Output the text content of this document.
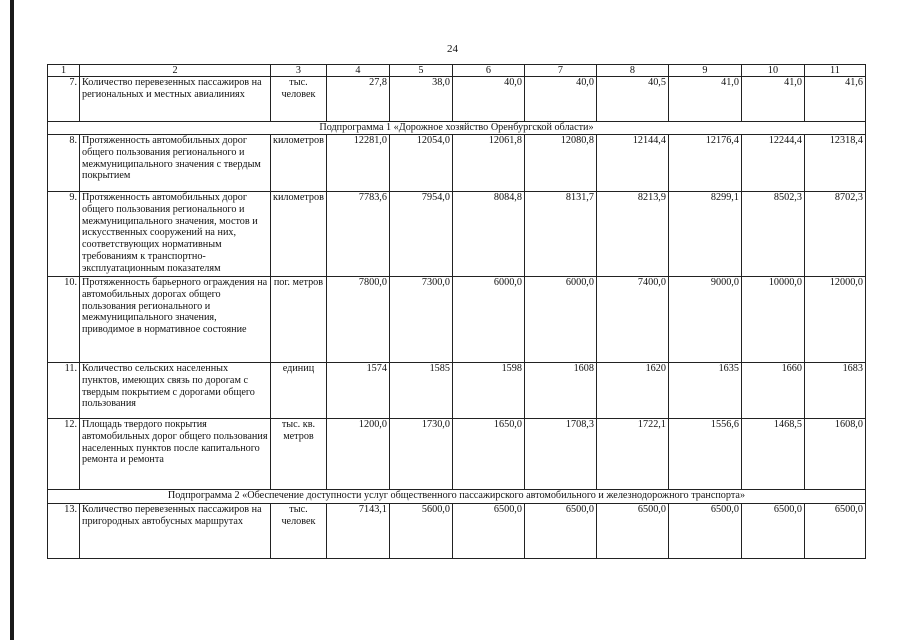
24
1	2	3	4	5	6	7	8	9	10	11
7.	Количество перевезенных пассажиров на региональных и местных авиалиниях	тыс. человек	27,8	38,0	40,0	40,0	40,5	41,0	41,0	41,6
Подпрограмма 1 «Дорожное хозяйство Оренбургской области»										
8.	Протяженность автомобильных дорог общего пользования регионального и межмуниципального значения с твердым покрытием	километров	12281,0	12054,0	12061,8	12080,8	12144,4	12176,4	12244,4	12318,4
9.	Протяженность автомобильных дорог общего пользования регионального и межмуниципального значения, мостов и искусственных сооружений на них, соответствующих нормативным требованиям к транспортно-эксплуатационным показателям	километров	7783,6	7954,0	8084,8	8131,7	8213,9	8299,1	8502,3	8702,3
10.	Протяженность барьерного ограждения на автомобильных дорогах общего пользования регионального и межмуниципального значения, приводимое в нормативное состояние	пог. метров	7800,0	7300,0	6000,0	6000,0	7400,0	9000,0	10000,0	12000,0
11.	Количество сельских населенных пунктов, имеющих связь по дорогам с твердым покрытием с дорогами общего пользования	единиц	1574	1585	1598	1608	1620	1635	1660	1683
12.	Площадь твердого покрытия автомобильных дорог общего пользования населенных пунктов после капитального ремонта и ремонта	тыс. кв. метров	1200,0	1730,0	1650,0	1708,3	1722,1	1556,6	1468,5	1608,0
Подпрограмма 2 «Обеспечение доступности услуг общественного пассажирского автомобильного и железнодорожного транспорта»										
13.	Количество перевезенных пассажиров на пригородных автобусных маршрутах	тыс. человек	7143,1	5600,0	6500,0	6500,0	6500,0	6500,0	6500,0	6500,0
